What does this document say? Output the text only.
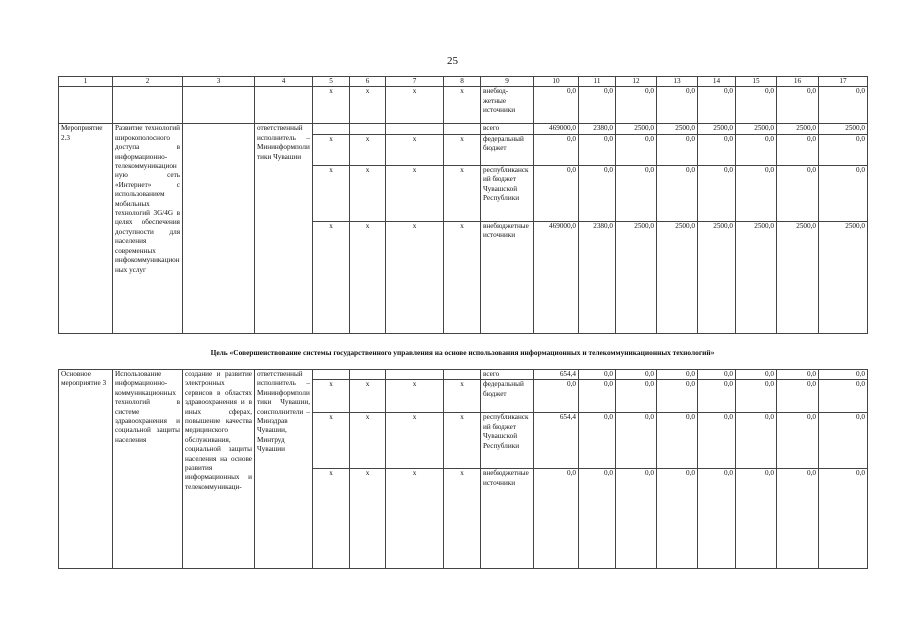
25
1	2	3	4	5	6	7	8	9	10	11	12	13	14	15	16	17
				x	x	x	x	внебюд-жетные источники	0,0	0,0	0,0	0,0	0,0	0,0	0,0	0,0
Мероприятие 2.3	Развитие технологий широкополосного доступа в информационно-телекоммуникационную сеть «Интернет» с использованием мобильных технологий 3G/4G в целях обеспечения доступности для населения современных инфокоммуникационных услуг		ответственный исполнитель – Мининформполитики Чувашии					всего	469000,0	2380,0	2500,0	2500,0	2500,0	2500,0	2500,0	2500,0
				x	x	x	x	федеральный бюджет	0,0	0,0	0,0	0,0	0,0	0,0	0,0	0,0
				x	x	x	x	республиканский бюджет Чувашской Республики	0,0	0,0	0,0	0,0	0,0	0,0	0,0	0,0
				x	x	x	x	внебюджетные источники	469000,0	2380,0	2500,0	2500,0	2500,0	2500,0	2500,0	2500,0
Цель «Совершенствование системы государственного управления на основе использования информационных и телекоммуникационных технологий»
Основное мероприятие 3	Использование информационно-коммуникационных технологий в системе здравоохранения и социальной защиты населения	создание и развитие электронных сервисов в областях здравоохранения и в иных сферах, повышение качества медицинского обслуживания, социальной защиты населения на основе развития информационных и телекоммуникаци-	ответственный исполнитель – Мининформполитики Чувашии, соисполнители – Минздрав Чувашии, Минтруд Чувашии					всего	654,4	0,0	0,0	0,0	0,0	0,0	0,0	0,0
				x	x	x	x	федеральный бюджет	0,0	0,0	0,0	0,0	0,0	0,0	0,0	0,0
				x	x	x	x	республиканский бюджет Чувашской Республики	654,4	0,0	0,0	0,0	0,0	0,0	0,0	0,0
				x	x	x	x	внебюджетные источники	0,0	0,0	0,0	0,0	0,0	0,0	0,0	0,0
